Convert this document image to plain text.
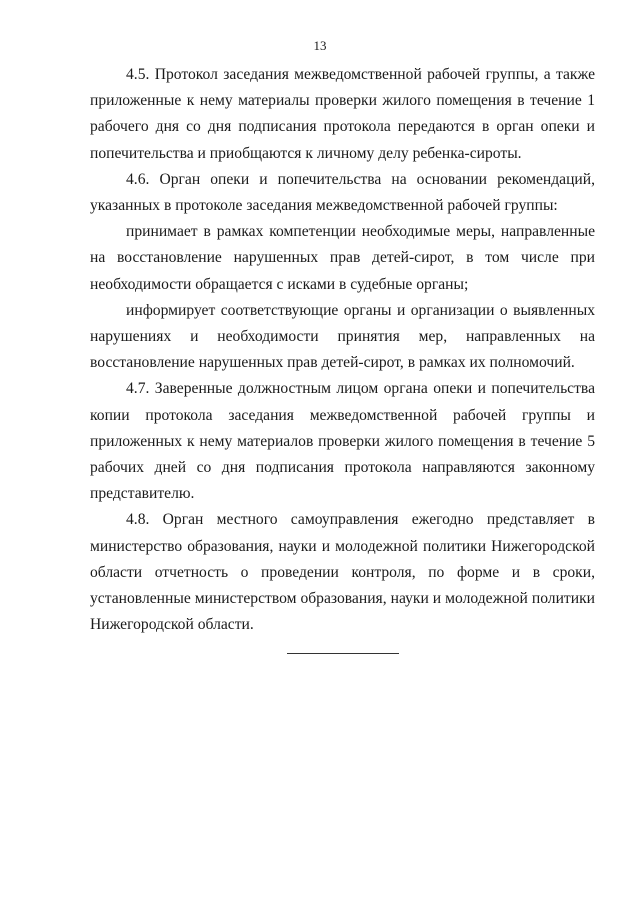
13

4.5. Протокол заседания межведомственной рабочей группы, а также приложенные к нему материалы проверки жилого помещения в течение 1 рабочего дня со дня подписания протокола передаются в орган опеки и попечительства и приобщаются к личному делу ребенка-сироты.

4.6. Орган опеки и попечительства на основании рекомендаций, указанных в протоколе заседания межведомственной рабочей группы:

принимает в рамках компетенции необходимые меры, направленные на восстановление нарушенных прав детей-сирот, в том числе при необходимости обращается с исками в судебные органы;

информирует соответствующие органы и организации о выявленных нарушениях и необходимости принятия мер, направленных на восстановление нарушенных прав детей-сирот, в рамках их полномочий.

4.7. Заверенные должностным лицом органа опеки и попечительства копии протокола заседания межведомственной рабочей группы и приложенных к нему материалов проверки жилого помещения в течение 5 рабочих дней со дня подписания протокола направляются законному представителю.

4.8. Орган местного самоуправления ежегодно представляет в министерство образования, науки и молодежной политики Нижегородской области отчетность о проведении контроля, по форме и в сроки, установленные министерством образования, науки и молодежной политики Нижегородской области.
